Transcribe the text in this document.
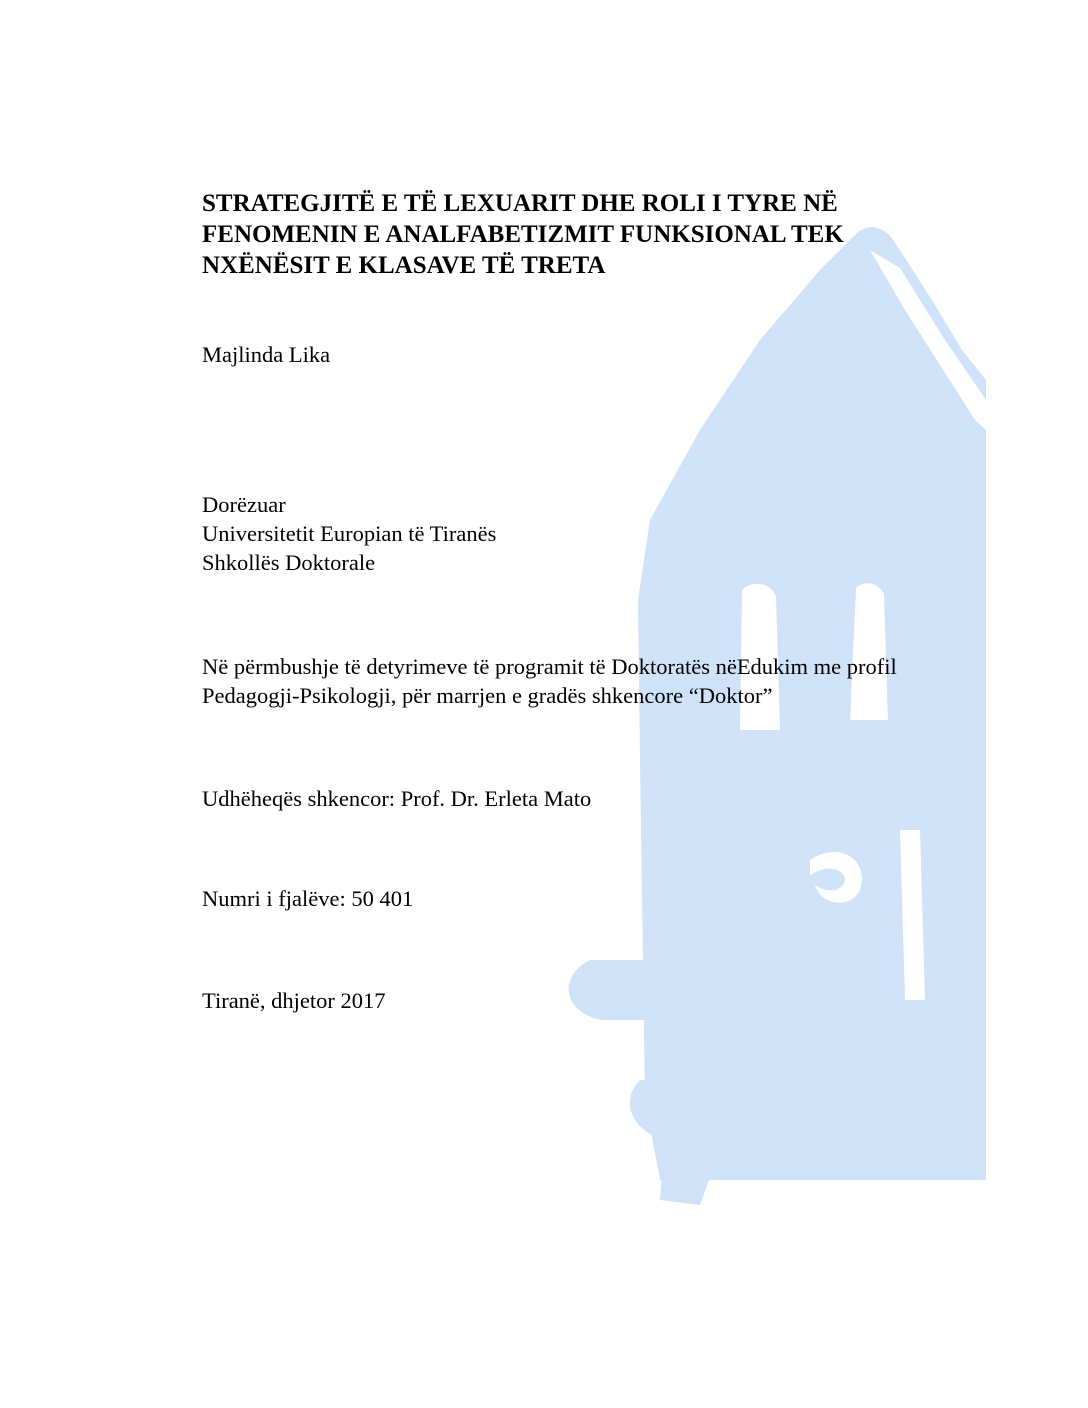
STRATEGJITË E TË LEXUARIT DHE ROLI I TYRE NË
FENOMENIN E ANALFABETIZMIT FUNKSIONAL TEK
NXËNËSIT E KLASAVE TË TRETA

Majlinda Lika

Dorëzuar

Universitetit Europian të Tiranës

Shkollës Doktorale

Në përmbushje të detyrimeve të programit të Doktoratës nëEdukim me profil

Pedagogji-Psikologji, për marrjen e gradës shkencore “Doktor”

Udhëheqës shkencor: Prof. Dr. Erleta Mato

Numri i fjalëve: 50 401

Tiranë, dhjetor 2017
